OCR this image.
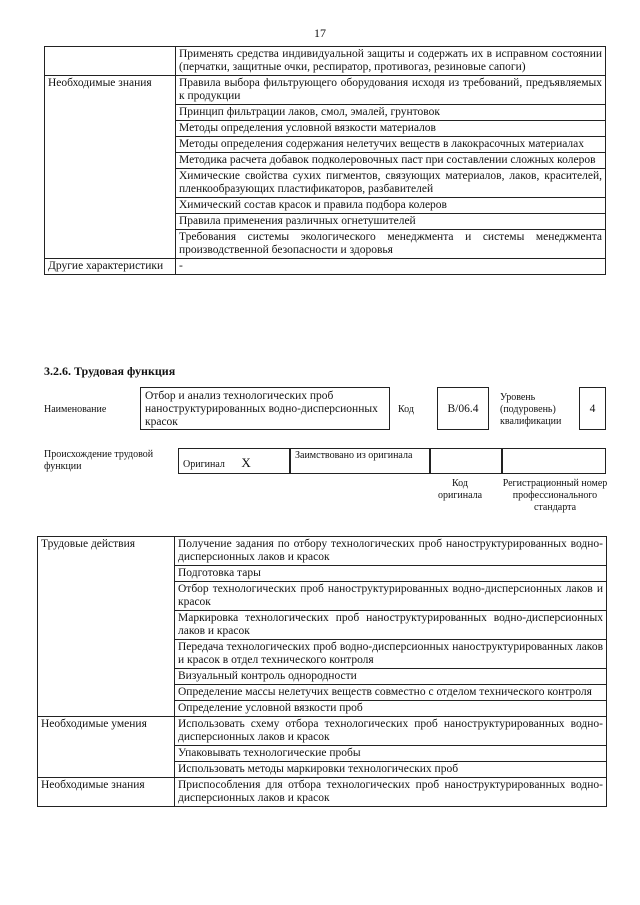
17
	Применять средства индивидуальной защиты и содержать их в исправном состоянии (перчатки, защитные очки, респиратор, противогаз, резиновые сапоги)
Необходимые знания	Правила выбора фильтрующего оборудования исходя из требований, предъявляемых к продукции
	Принцип фильтрации лаков, смол, эмалей, грунтовок
	Методы определения условной вязкости материалов
	Методы определения содержания нелетучих веществ в лакокрасочных материалах
	Методика расчета добавок подколеровочных паст при составлении сложных колеров
	Химические свойства сухих пигментов, связующих материалов, лаков, красителей, пленкообразующих пластификаторов, разбавителей
	Химический состав красок и правила подбора колеров
	Правила применения различных огнетушителей
	Требования системы экологического менеджмента и системы менеджмента производственной безопасности и здоровья
Другие характеристики	-
3.2.6. Трудовая функция
Наименование
Отбор и анализ технологических проб наноструктурированных водно-дисперсионных красок
Код	В/06.4
Уровень (подуровень) квалификации
4
Происхождение трудовой функции	Оригинал X	Заимствовано из оригинала
Код оригинала
Регистрационный номер профессионального стандарта
Трудовые действия	Получение задания по отбору технологических проб наноструктурированных водно-дисперсионных лаков и красок
	Подготовка тары
	Отбор технологических проб наноструктурированных водно-дисперсионных лаков и красок
	Маркировка технологических проб наноструктурированных водно-дисперсионных лаков и красок
	Передача технологических проб водно-дисперсионных наноструктурированных лаков и красок в отдел технического контроля
	Визуальный контроль однородности
	Определение массы нелетучих веществ совместно с отделом технического контроля
	Определение условной вязкости проб
Необходимые умения	Использовать схему отбора технологических проб наноструктурированных водно-дисперсионных лаков и красок
	Упаковывать технологические пробы
	Использовать методы маркировки технологических проб
Необходимые знания	Приспособления для отбора технологических проб наноструктурированных водно-дисперсионных лаков и красок
